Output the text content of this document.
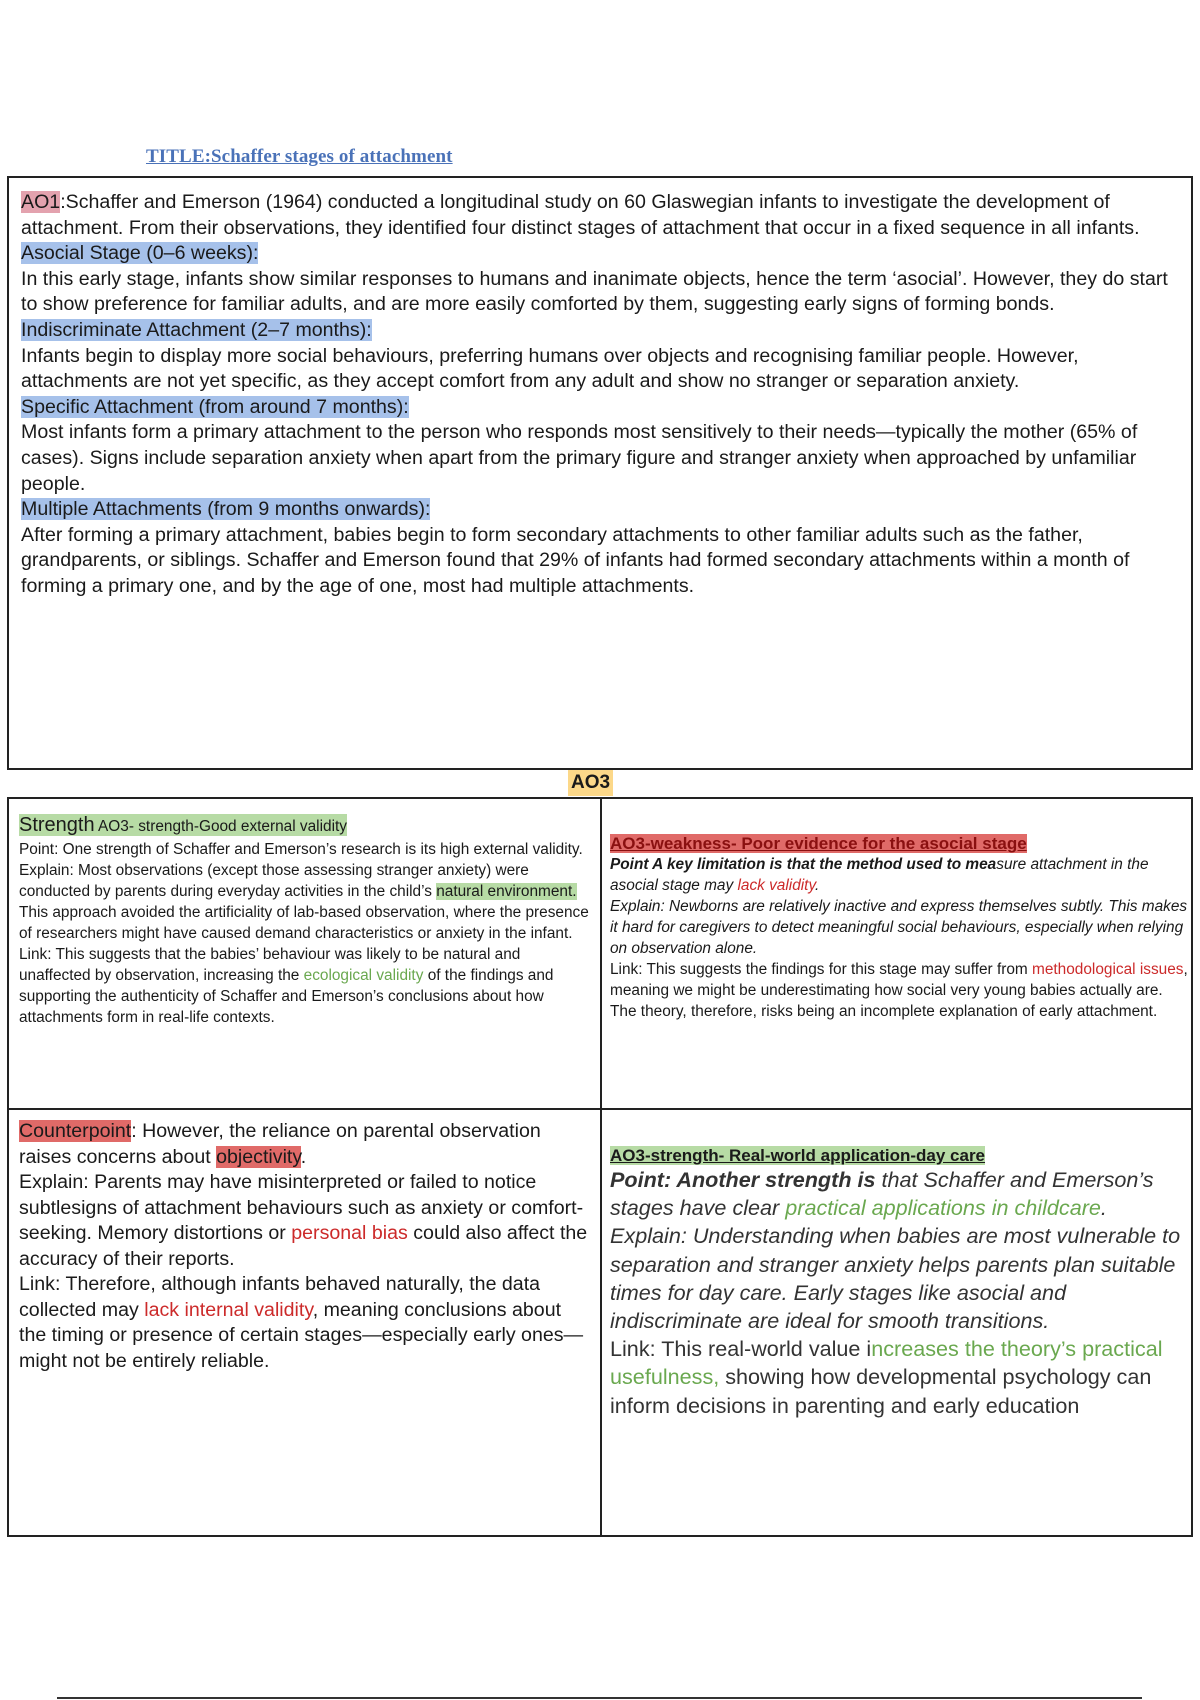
TITLE:Schaffer stages of attachment

AO1:Schaffer and Emerson (1964) conducted a longitudinal study on 60 Glaswegian infants to investigate the development of attachment. From their observations, they identified four distinct stages of attachment that occur in a fixed sequence in all infants.

Asocial Stage (0–6 weeks):

In this early stage, infants show similar responses to humans and inanimate objects, hence the term ‘asocial’. However, they do start to show preference for familiar adults, and are more easily comforted by them, suggesting early signs of forming bonds.

Indiscriminate Attachment (2–7 months):

Infants begin to display more social behaviours, preferring humans over objects and recognising familiar people. However, attachments are not yet specific, as they accept comfort from any adult and show no stranger or separation anxiety.

Specific Attachment (from around 7 months):

Most infants form a primary attachment to the person who responds most sensitively to their needs—typically the mother (65% of cases). Signs include separation anxiety when apart from the primary figure and stranger anxiety when approached by unfamiliar people.

Multiple Attachments (from 9 months onwards):

After forming a primary attachment, babies begin to form secondary attachments to other familiar adults such as the father, grandparents, or siblings. Schaffer and Emerson found that 29% of infants had formed secondary attachments within a month of forming a primary one, and by the age of one, most had multiple attachments.

AO3
Strength AO3- strength-Good external validity
Point: One strength of Schaffer and Emerson’s research is its high external validity.
Explain: Most observations (except those assessing stranger anxiety) were conducted by parents during everyday activities in the child’s natural environment. This approach avoided the artificiality of lab-based observation, where the presence of researchers might have caused demand characteristics or anxiety in the infant.
Link: This suggests that the babies’ behaviour was likely to be natural and unaffected by observation, increasing the ecological validity of the findings and supporting the authenticity of Schaffer and Emerson’s conclusions about how attachments form in real-life contexts.
AO3-weakness- Poor evidence for the asocial stage
Point A key limitation is that the method used to measure attachment in the asocial stage may lack validity.
Explain: Newborns are relatively inactive and express themselves subtly. This makes it hard for caregivers to detect meaningful social behaviours, especially when relying on observation alone.
Link: This suggests the findings for this stage may suffer from methodological issues, meaning we might be underestimating how social very young babies actually are. The theory, therefore, risks being an incomplete explanation of early attachment.
Counterpoint: However, the reliance on parental observation raises concerns about objectivity.
Explain: Parents may have misinterpreted or failed to notice subtlesigns of attachment behaviours such as anxiety or comfort-seeking. Memory distortions or personal bias could also affect the accuracy of their reports.
Link: Therefore, although infants behaved naturally, the data collected may lack internal validity, meaning conclusions about the timing or presence of certain stages—especially early ones—might not be entirely reliable.
AO3-strength- Real-world application-day care
Point: Another strength is that Schaffer and Emerson’s stages have clear practical applications in childcare.
Explain: Understanding when babies are most vulnerable to separation and stranger anxiety helps parents plan suitable times for day care. Early stages like asocial and indiscriminate are ideal for smooth transitions.
Link: This real-world value increases the theory’s practical usefulness, showing how developmental psychology can inform decisions in parenting and early education
